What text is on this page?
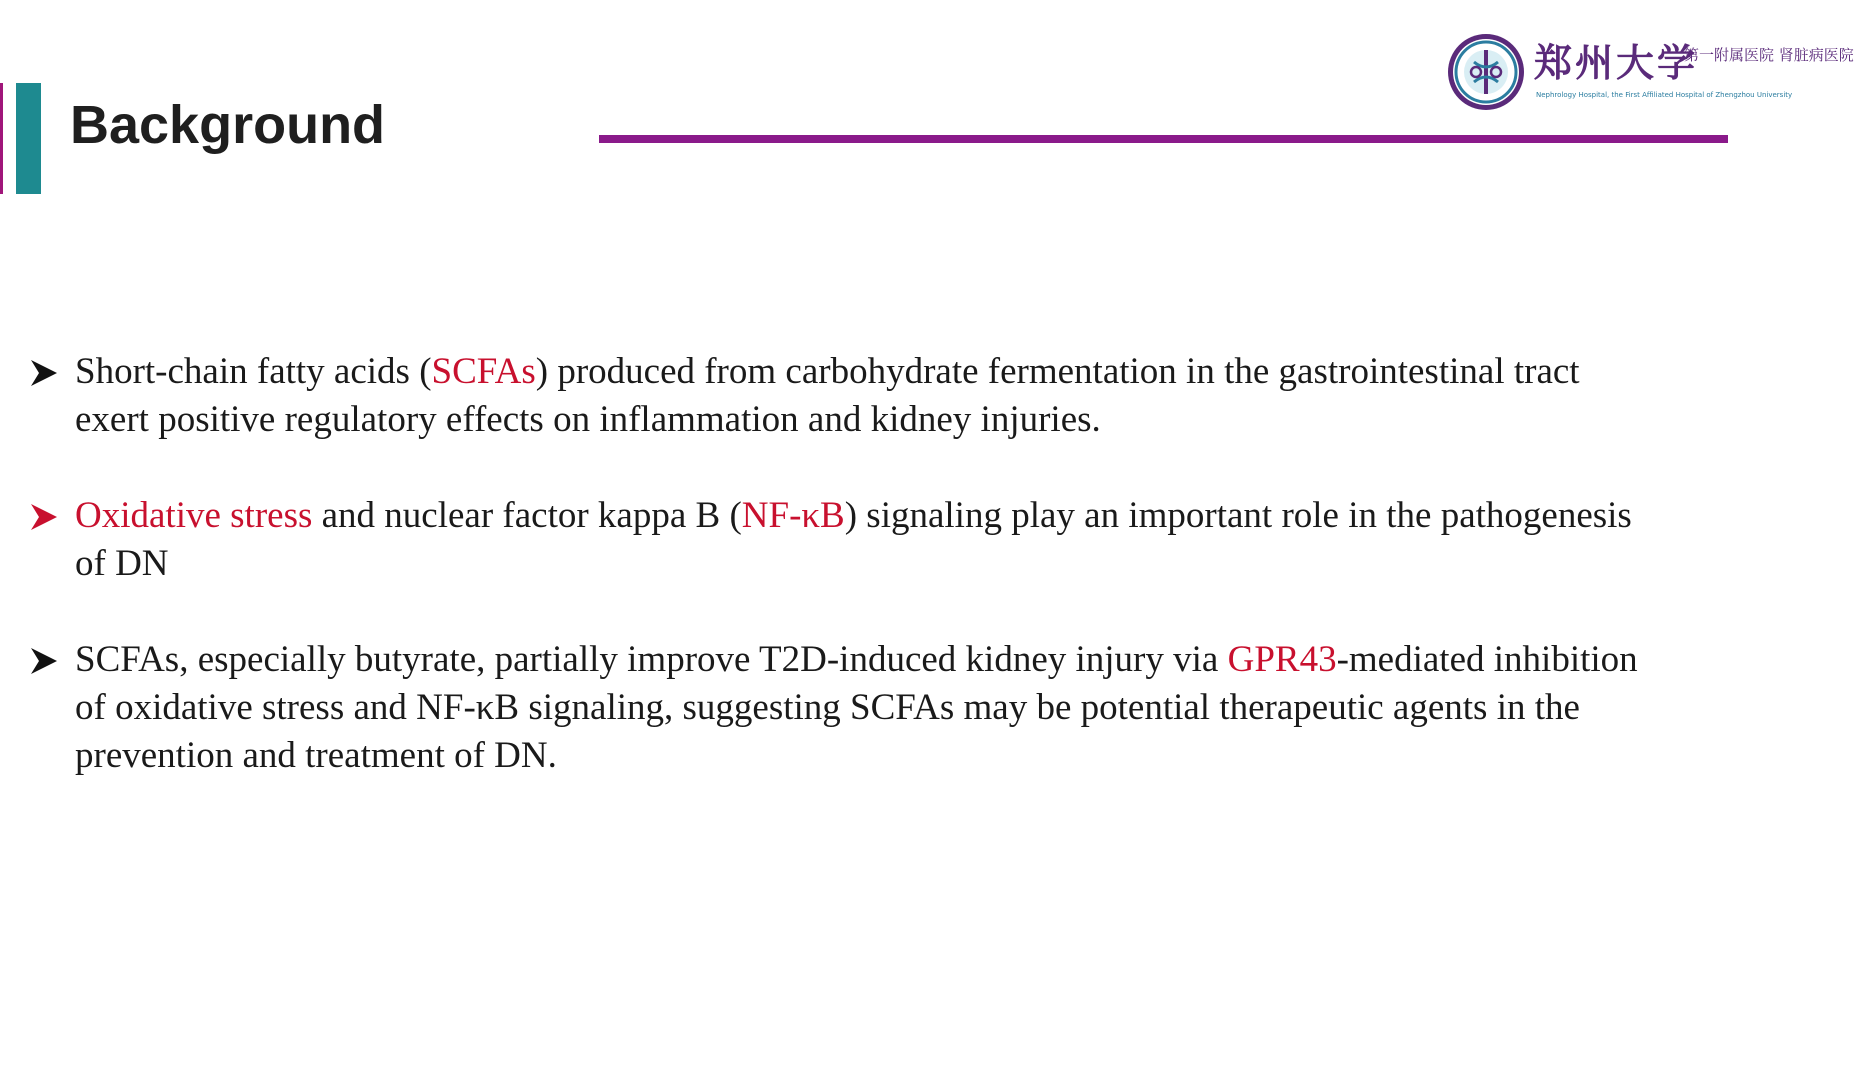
Background
郑州大学
第一附属医院 肾脏病医院
Nephrology Hospital, the First Affiliated Hospital of Zhengzhou University
Short-chain fatty acids (SCFAs) produced from carbohydrate fermentation in the gastrointestinal tract exert positive regulatory effects on inflammation and kidney injuries.
Oxidative stress and nuclear factor kappa B (NF-κB) signaling play an important role in the pathogenesis of DN
SCFAs, especially butyrate, partially improve T2D-induced kidney injury via GPR43-mediated inhibition of oxidative stress and NF-κB signaling, suggesting SCFAs may be potential therapeutic agents in the prevention and treatment of DN.
